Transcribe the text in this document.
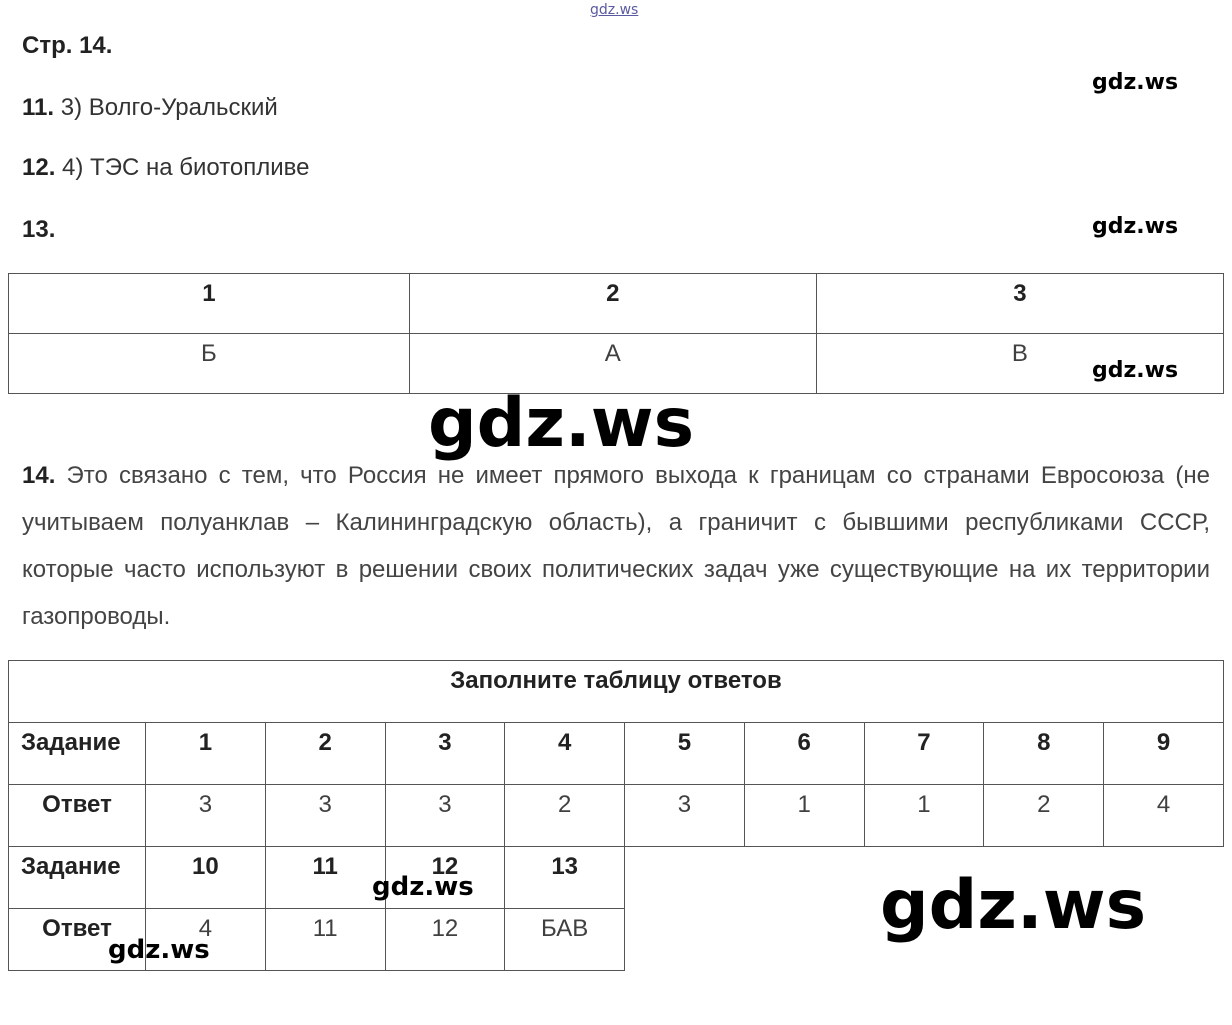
gdz.ws
gdz.ws
gdz.ws
gdz.ws
gdz.ws
Стр. 14.
11. 3) Волго-Уральский
12. 4) ТЭС на биотопливе
13.
1	2	3
Б	А	В
14. Это связано с тем, что Россия не имеет прямого выхода к границам со странами Евросоюза (не учитываем полуанклав – Калининградскую область), а граничит с бывшими республиками СССР, которые часто используют в решении своих политических задач уже существующие на их территории газопроводы.
Заполните таблицу ответов									
Задание	1	2	3	4	5	6	7	8	9
Ответ	3	3	3	2	3	1	1	2	4
Задание	10	11	12	13					
Ответ	4	11	12	БАВ					
gdz.ws
gdz.ws
gdz.ws
